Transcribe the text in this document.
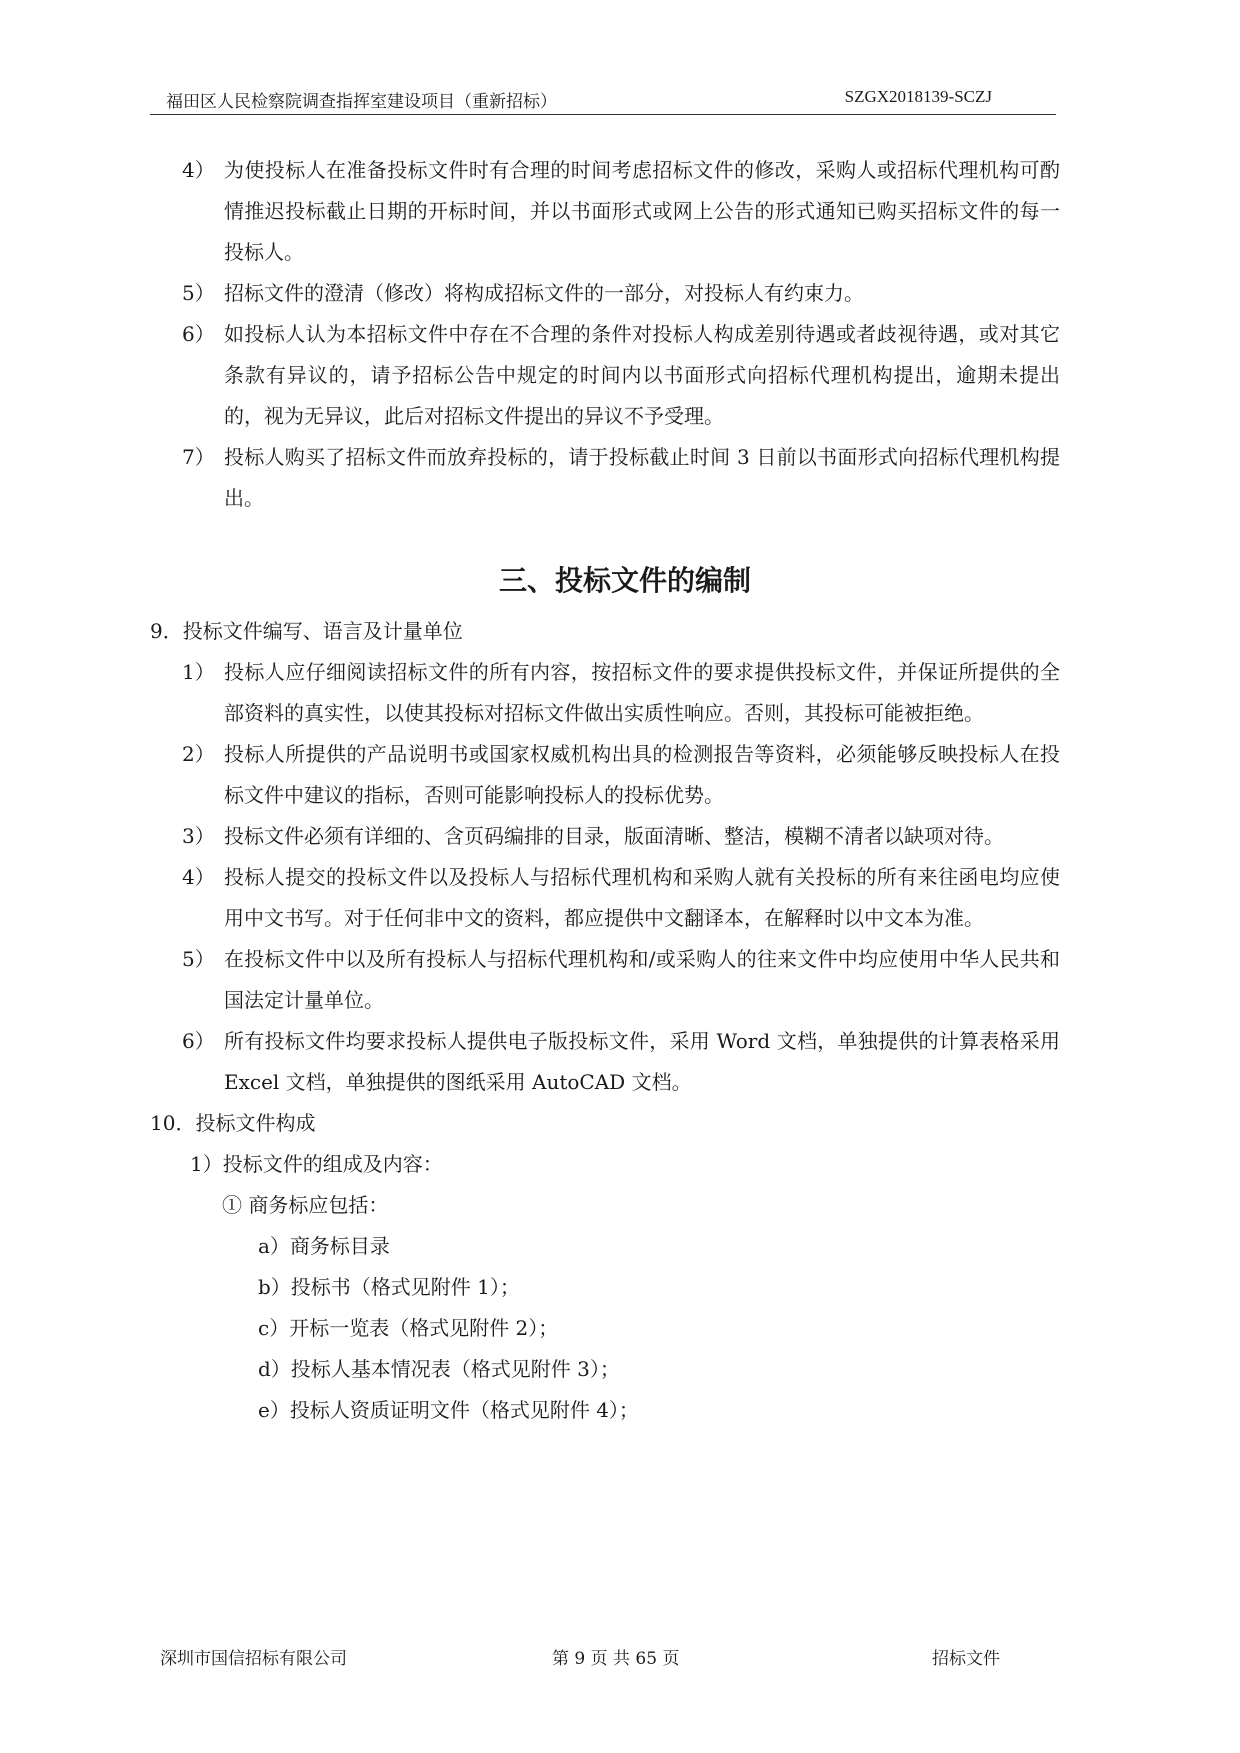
福田区人民检察院调查指挥室建设项目（重新招标）	SZGX2018139-SCZJ
4） 为使投标人在准备投标文件时有合理的时间考虑招标文件的修改，采购人或招标代理机构可酌情推迟投标截止日期的开标时间，并以书面形式或网上公告的形式通知已购买招标文件的每一投标人。
5） 招标文件的澄清（修改）将构成招标文件的一部分，对投标人有约束力。
6） 如投标人认为本招标文件中存在不合理的条件对投标人构成差别待遇或者歧视待遇，或对其它条款有异议的，请予招标公告中规定的时间内以书面形式向招标代理机构提出，逾期未提出的，视为无异议，此后对招标文件提出的异议不予受理。
7） 投标人购买了招标文件而放弃投标的，请于投标截止时间 3 日前以书面形式向招标代理机构提出。
三、投标文件的编制
9．投标文件编写、语言及计量单位
1） 投标人应仔细阅读招标文件的所有内容，按招标文件的要求提供投标文件，并保证所提供的全部资料的真实性，以使其投标对招标文件做出实质性响应。否则，其投标可能被拒绝。
2） 投标人所提供的产品说明书或国家权威机构出具的检测报告等资料，必须能够反映投标人在投标文件中建议的指标，否则可能影响投标人的投标优势。
3） 投标文件必须有详细的、含页码编排的目录，版面清晰、整洁，模糊不清者以缺项对待。
4） 投标人提交的投标文件以及投标人与招标代理机构和采购人就有关投标的所有来往函电均应使用中文书写。对于任何非中文的资料，都应提供中文翻译本，在解释时以中文本为准。
5） 在投标文件中以及所有投标人与招标代理机构和/或采购人的往来文件中均应使用中华人民共和国法定计量单位。
6） 所有投标文件均要求投标人提供电子版投标文件，采用 Word 文档，单独提供的计算表格采用 Excel 文档，单独提供的图纸采用 AutoCAD 文档。
10．投标文件构成
1）投标文件的组成及内容：
① 商务标应包括：
a）商务标目录
b）投标书（格式见附件 1）；
c）开标一览表（格式见附件 2）；
d）投标人基本情况表（格式见附件 3）；
e）投标人资质证明文件（格式见附件 4）；
深圳市国信招标有限公司	第 9 页 共 65 页	招标文件
